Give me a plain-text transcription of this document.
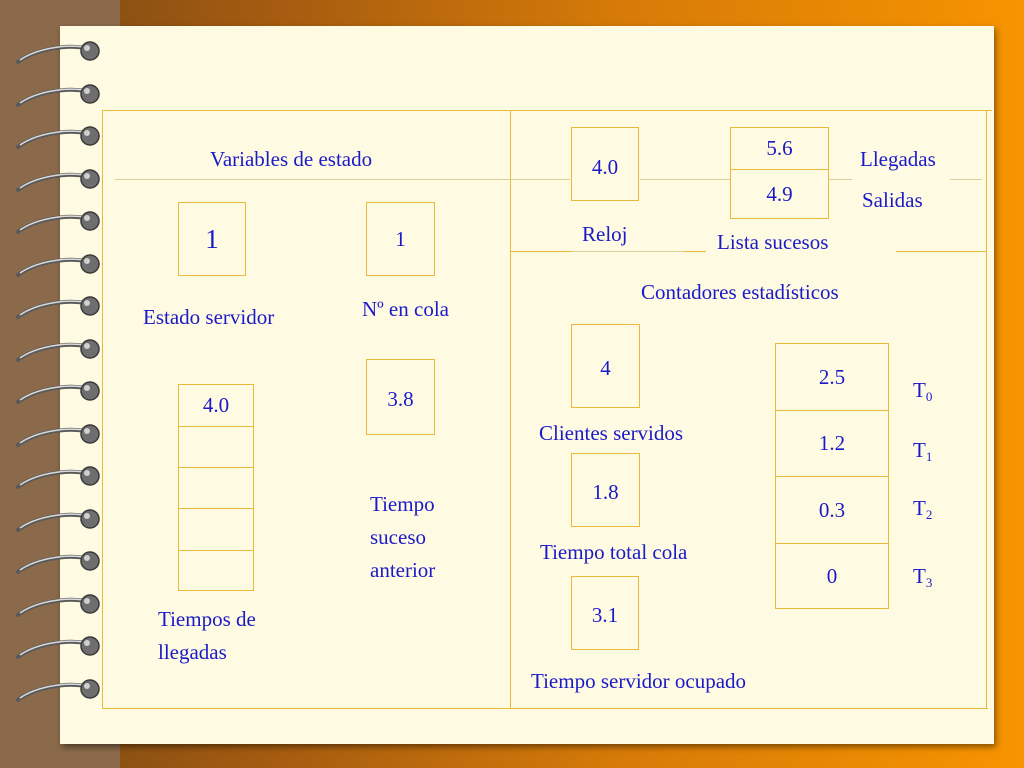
Variables de estado
1
Estado servidor
1
Nº en cola
3.8
Tiempo
suceso
anterior
4.0
Tiempos de
llegadas
4.0
Reloj
5.6
4.9
Llegadas
Salidas
Lista sucesos
Contadores estadísticos
4
Clientes servidos
1.8
Tiempo total cola
3.1
Tiempo servidor ocupado
2.5
1.2
0.3
0
$T_0$
$T_1$
$T_2$
$T_3$
